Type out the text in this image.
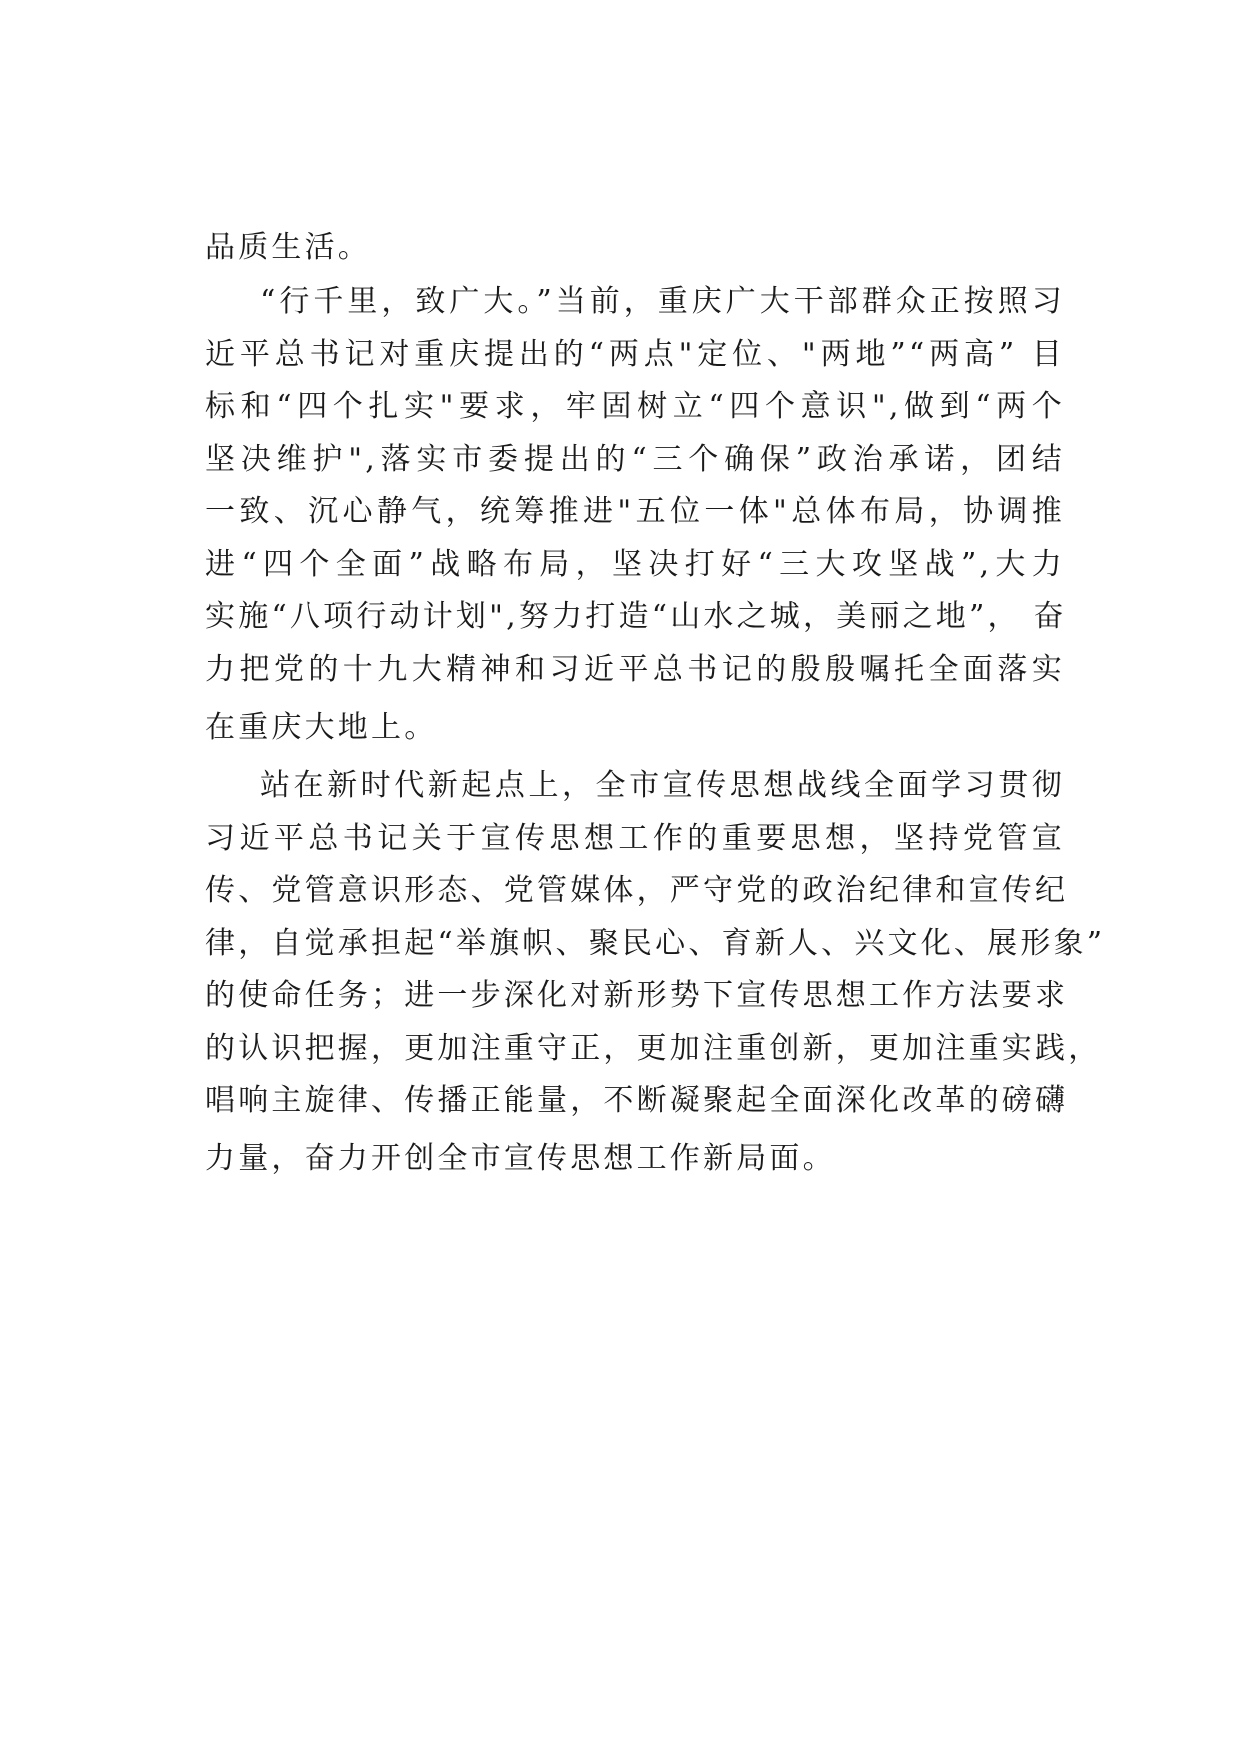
品质生活。
“行千里，致广大。”当前，重庆广大干部群众正按照习
近平总书记对重庆提出的“两点"定位、"两地”“两高” 目
标和“四个扎实"要求，牢固树立“四个意识",做到“两个
坚决维护",落实市委提出的“三个确保”政治承诺，团结
一致、沉心静气，统筹推进"五位一体"总体布局，协调推
进“四个全面”战略布局，坚决打好“三大攻坚战”,大力
实施“八项行动计划",努力打造“山水之城，美丽之地”， 奋
力把党的十九大精神和习近平总书记的殷殷嘱托全面落实
在重庆大地上。
站在新时代新起点上，全市宣传思想战线全面学习贯彻
习近平总书记关于宣传思想工作的重要思想，坚持党管宣
传、党管意识形态、党管媒体，严守党的政治纪律和宣传纪
律，自觉承担起“举旗帜、聚民心、育新人、兴文化、展形象”
的使命任务；进一步深化对新形势下宣传思想工作方法要求
的认识把握，更加注重守正，更加注重创新，更加注重实践，
唱响主旋律、传播正能量，不断凝聚起全面深化改革的磅礴
力量，奋力开创全市宣传思想工作新局面。
